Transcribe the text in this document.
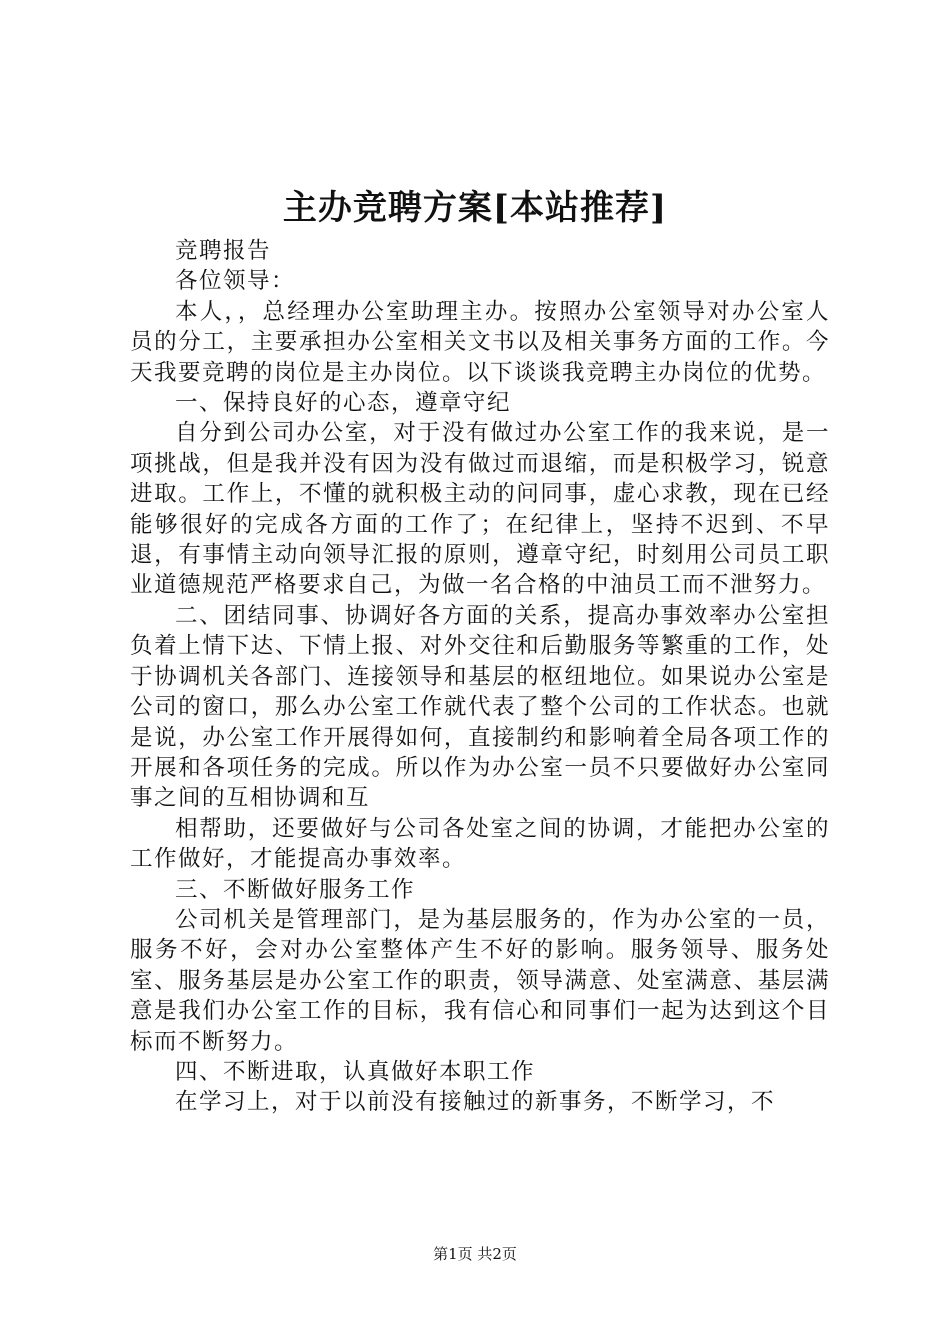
主办竞聘方案[本站推荐]

竞聘报告

各位领导：

本人，，总经理办公室助理主办。按照办公室领导对办公室人员的分工，主要承担办公室相关文书以及相关事务方面的工作。今天我要竞聘的岗位是主办岗位。以下谈谈我竞聘主办岗位的优势。

一、保持良好的心态，遵章守纪

自分到公司办公室，对于没有做过办公室工作的我来说，是一项挑战，但是我并没有因为没有做过而退缩，而是积极学习，锐意进取。工作上，不懂的就积极主动的问同事，虚心求教，现在已经能够很好的完成各方面的工作了；在纪律上，坚持不迟到、不早退，有事情主动向领导汇报的原则，遵章守纪，时刻用公司员工职业道德规范严格要求自己，为做一名合格的中油员工而不泄努力。

二、团结同事、协调好各方面的关系，提高办事效率办公室担负着上情下达、下情上报、对外交往和后勤服务等繁重的工作，处于协调机关各部门、连接领导和基层的枢纽地位。如果说办公室是公司的窗口，那么办公室工作就代表了整个公司的工作状态。也就是说，办公室工作开展得如何，直接制约和影响着全局各项工作的开展和各项任务的完成。所以作为办公室一员不只要做好办公室同事之间的互相协调和互

相帮助，还要做好与公司各处室之间的协调，才能把办公室的工作做好，才能提高办事效率。

三、不断做好服务工作

公司机关是管理部门，是为基层服务的，作为办公室的一员，服务不好，会对办公室整体产生不好的影响。服务领导、服务处室、服务基层是办公室工作的职责，领导满意、处室满意、基层满意是我们办公室工作的目标，我有信心和同事们一起为达到这个目标而不断努力。

四、不断进取，认真做好本职工作

在学习上，对于以前没有接触过的新事务，不断学习，不

第1页 共2页
